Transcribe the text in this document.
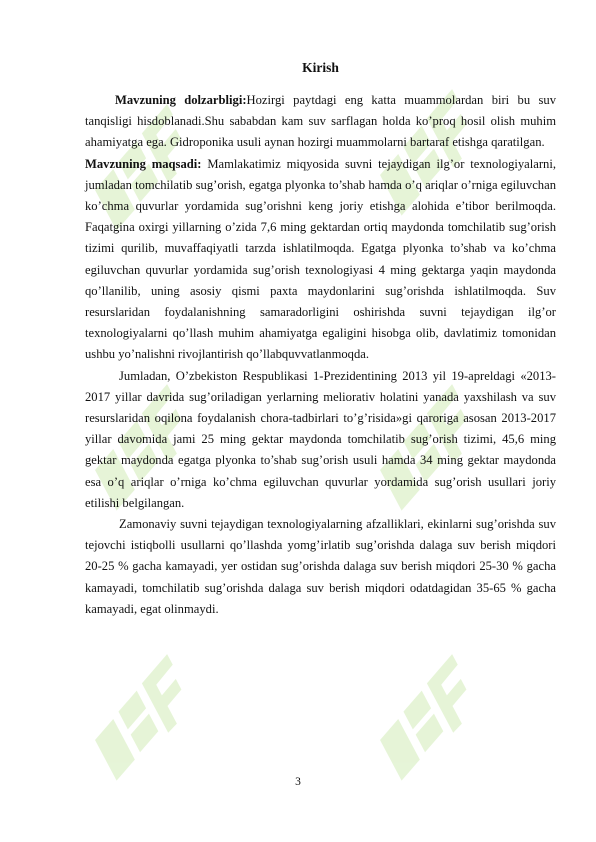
Kirish

Mavzuning dolzarbligi:Hozirgi paytdagi eng katta muammolardan biri bu suv tanqisligi hisdoblanadi.Shu sababdan kam suv sarflagan holda ko’proq hosil olish muhim ahamiyatga ega. Gidroponika usuli aynan hozirgi muammolarni bartaraf etishga qaratilgan.

Mavzuning maqsadi: Mamlakatimiz miqyosida suvni tejaydigan ilg’or texnologiyalarni, jumladan tomchilatib sug’orish, egatga plyonka to’shab hamda o’q ariqlar o’rniga egiluvchan ko’chma quvurlar yordamida sug’orishni keng joriy etishga alohida e’tibor berilmoqda. Faqatgina oxirgi yillarning o’zida 7,6 ming gektardan ortiq maydonda tomchilatib sug’orish tizimi qurilib, muvaffaqiyatli tarzda ishlatilmoqda. Egatga plyonka to’shab va ko’chma egiluvchan quvurlar yordamida sug’orish texnologiyasi 4 ming gektarga yaqin maydonda qo’llanilib, uning asosiy qismi paxta maydonlarini sug’orishda ishlatilmoqda. Suv resurslaridan foydalanishning samaradorligini oshirishda suvni tejaydigan ilg’or texnologiyalarni qo’llash muhim ahamiyatga egaligini hisobga olib, davlatimiz tomonidan ushbu yo’nalishni rivojlantirish qo’llabquvvatlanmoqda.

Jumladan, O’zbekiston Respublikasi 1-Prezidentining 2013 yil 19-apreldagi «2013-2017 yillar davrida sug’oriladigan yerlarning meliorativ holatini yanada yaxshilash va suv resurslaridan oqilona foydalanish chora-tadbirlari to’g’risida»gi qaroriga asosan 2013-2017 yillar davomida jami 25 ming gektar maydonda tomchilatib sug’orish tizimi, 45,6 ming gektar maydonda egatga plyonka to’shab sug’orish usuli hamda 34 ming gektar maydonda esa o’q ariqlar o’rniga ko’chma egiluvchan quvurlar yordamida sug’orish usullari joriy etilishi belgilangan.

Zamonaviy suvni tejaydigan texnologiyalarning afzalliklari, ekinlarni sug’orishda suv tejovchi istiqbolli usullarni qo’llashda yomg’irlatib sug’orishda dalaga suv berish miqdori 20-25 % gacha kamayadi, yer ostidan sug’orishda dalaga suv berish miqdori 25-30 % gacha kamayadi, tomchilatib sug’orishda dalaga suv berish miqdori odatdagidan 35-65 % gacha kamayadi, egat olinmaydi.

3
